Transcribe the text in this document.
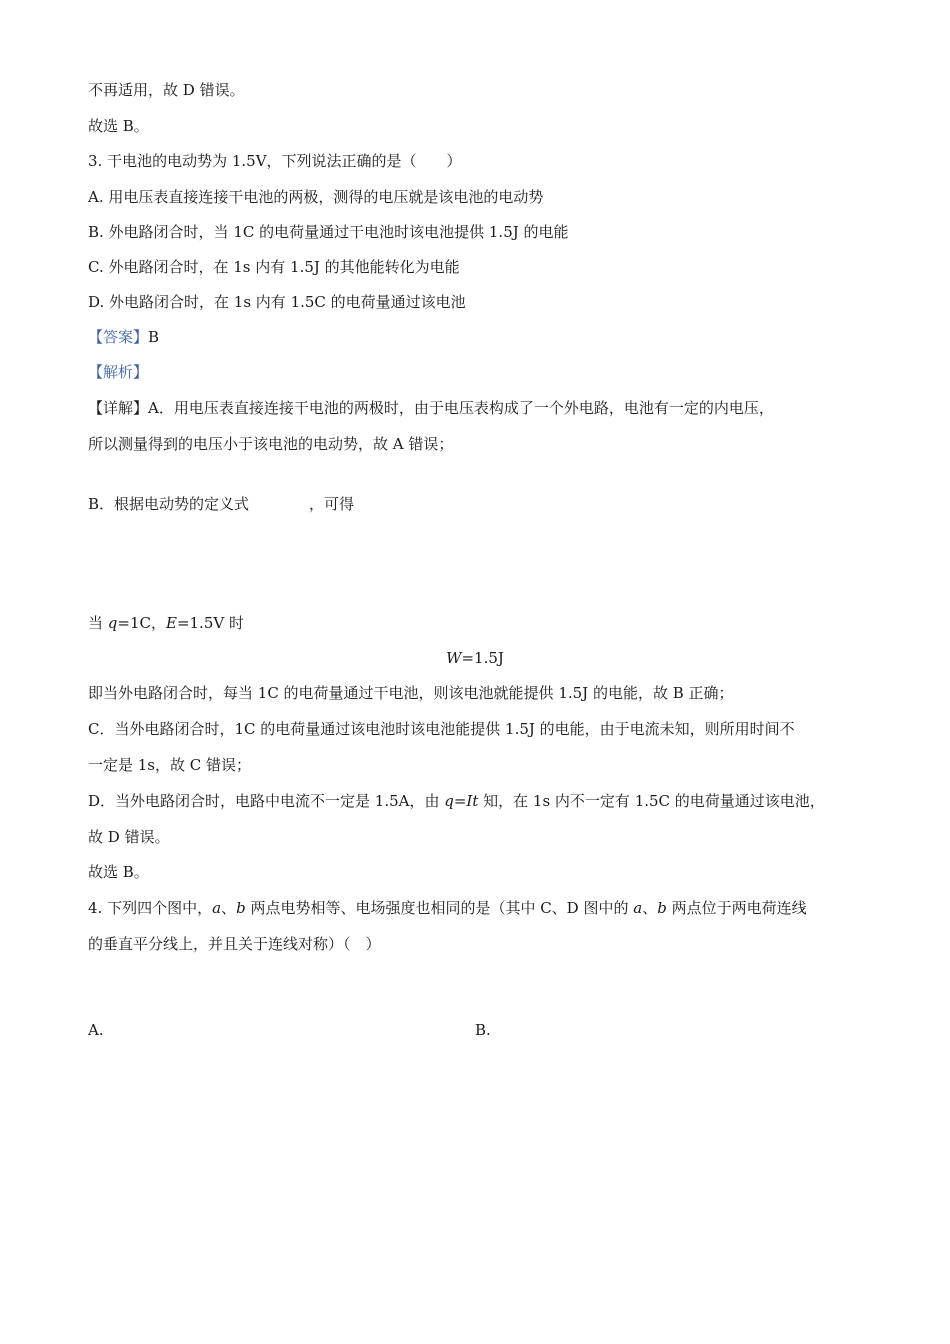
不再适用，故 D 错误。
故选 B。
3. 干电池的电动势为 1.5V，下列说法正确的是（　　）
A. 用电压表直接连接干电池的两极，测得的电压就是该电池的电动势
B. 外电路闭合时，当 1C 的电荷量通过干电池时该电池提供 1.5J 的电能
C. 外电路闭合时，在 1s 内有 1.5J 的其他能转化为电能
D. 外电路闭合时，在 1s 内有 1.5C 的电荷量通过该电池
【答案】B
【解析】
【详解】A．用电压表直接连接干电池的两极时，由于电压表构成了一个外电路，电池有一定的内电压，
所以测量得到的电压小于该电池的电动势，故 A 错误；
B．根据电动势的定义式	，可得
当 q=1C，E=1.5V 时
W=1.5J
即当外电路闭合时，每当 1C 的电荷量通过干电池，则该电池就能提供 1.5J 的电能，故 B 正确；
C．当外电路闭合时，1C 的电荷量通过该电池时该电池能提供 1.5J 的电能，由于电流未知，则所用时间不
一定是 1s，故 C 错误；
D．当外电路闭合时，电路中电流不一定是 1.5A，由 q=It 知，在 1s 内不一定有 1.5C 的电荷量通过该电池，
故 D 错误。
故选 B。
4. 下列四个图中，a、b 两点电势相等、电场强度也相同的是（其中 C、D 图中的 a、b 两点位于两电荷连线
的垂直平分线上，并且关于连线对称）（　）
A.	B.
